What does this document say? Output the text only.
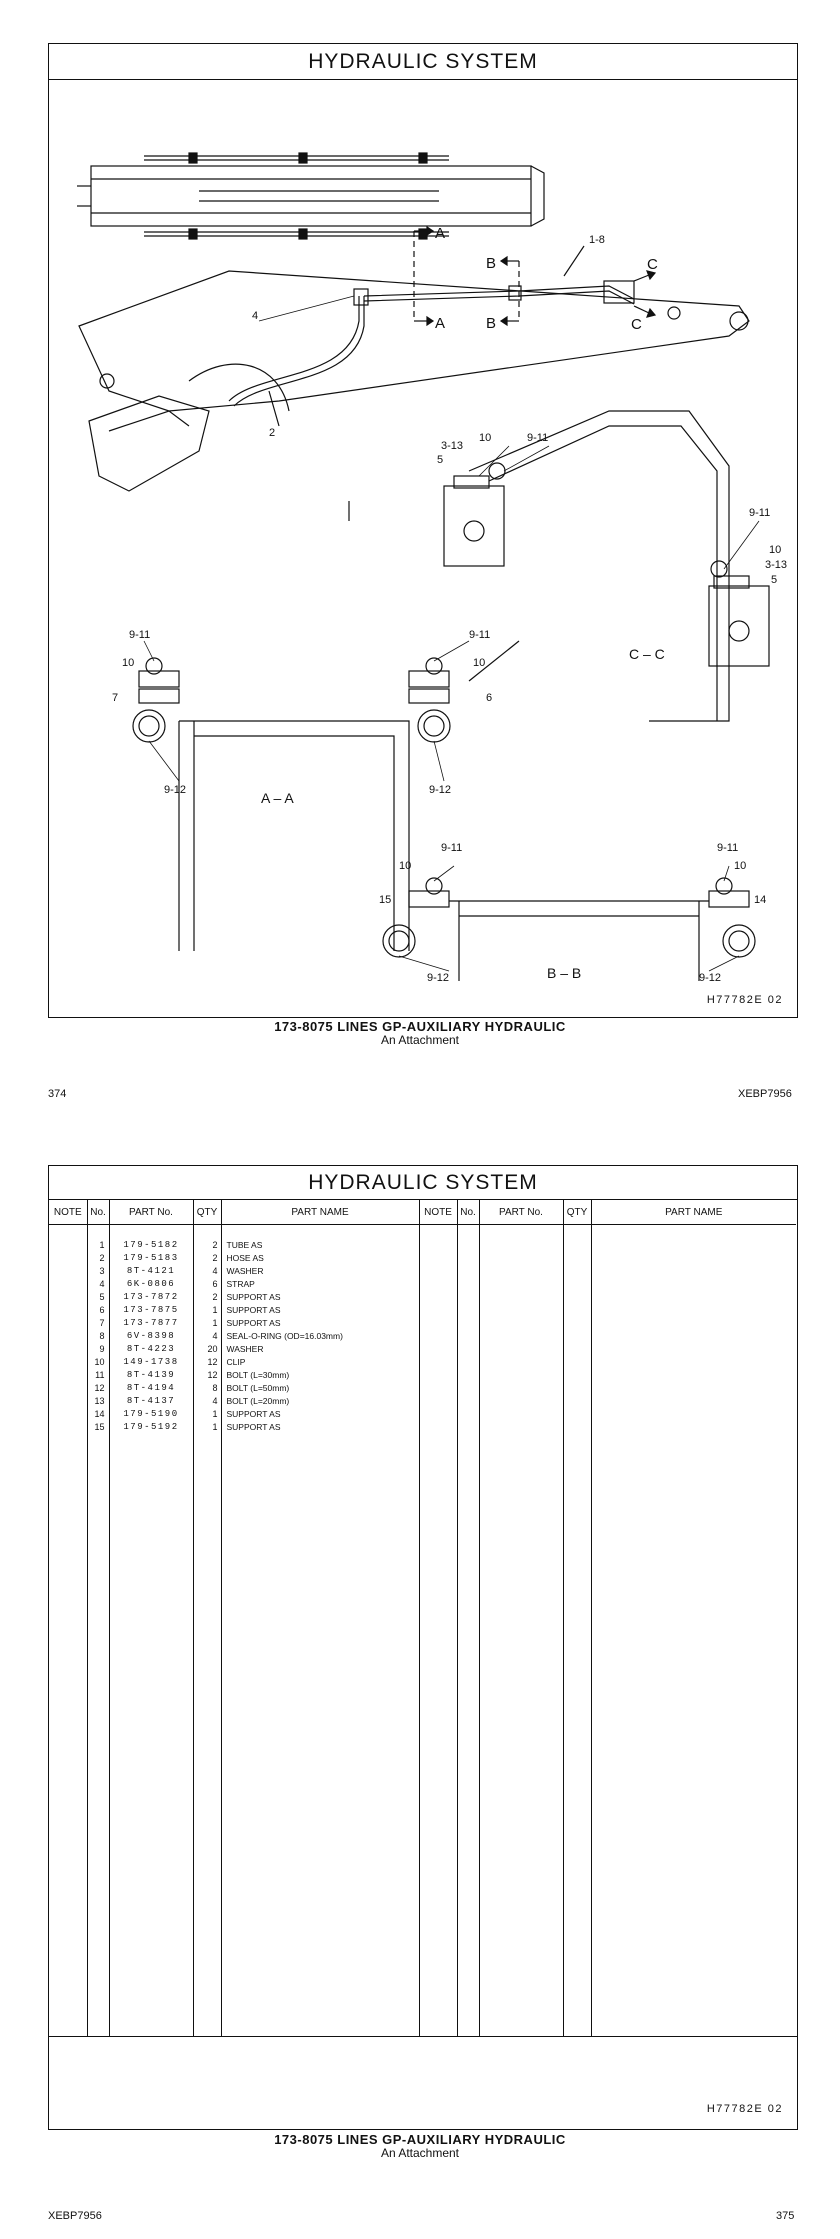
HYDRAULIC SYSTEM
1-8
2
4
A
A
B
B
C
C
3-13
5
10	9-11
9-11
10
3-13
5
C – C
9-11
10
7
9-12
9-11
10
6
9-12
A – A
9-11
10
15
9-12
9-11
10
14
9-12
B – B
H77782E 02
173-8075 LINES GP-AUXILIARY HYDRAULIC
An Attachment
374	XEBP7956
HYDRAULIC SYSTEM
NOTE	No.	PART No.	QTY	PART NAME	NOTE	No.	PART No.	QTY	PART NAME
	1	179-5182	2	TUBE AS					
	2	179-5183	2	HOSE AS					
	3	8T-4121	4	WASHER					
	4	6K-0806	6	STRAP					
	5	173-7872	2	SUPPORT AS					
	6	173-7875	1	SUPPORT AS					
	7	173-7877	1	SUPPORT AS					
	8	6V-8398	4	SEAL-O-RING (OD=16.03mm)					
	9	8T-4223	20	WASHER					
	10	149-1738	12	CLIP					
	11	8T-4139	12	BOLT (L=30mm)					
	12	8T-4194	8	BOLT (L=50mm)					
	13	8T-4137	4	BOLT (L=20mm)					
	14	179-5190	1	SUPPORT AS					
	15	179-5192	1	SUPPORT AS					

H77782E 02
173-8075 LINES GP-AUXILIARY HYDRAULIC
An Attachment
XEBP7956	375
